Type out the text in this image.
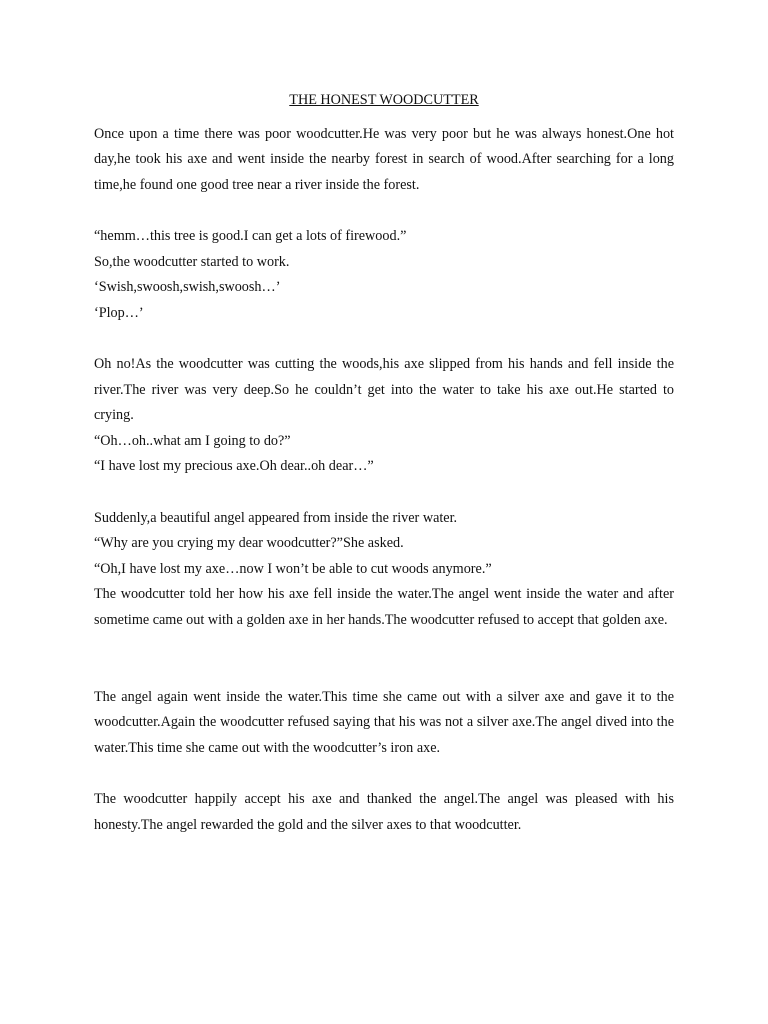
THE HONEST WOODCUTTER

Once upon a time there was poor woodcutter.He was very poor but he was always honest.One hot day,he took his axe and went inside the nearby forest in search of wood.After searching for a long time,he found one good tree near a river inside the forest.

“hemm…this tree is good.I can get a lots of firewood.”

So,the woodcutter started to work.

‘Swish,swoosh,swish,swoosh…’

‘Plop…’

Oh no!As the woodcutter was cutting the woods,his axe slipped from his hands and fell inside the river.The river was very deep.So he couldn’t get into the water to take his axe out.He started to crying.

“Oh…oh..what am I going to do?”

“I have lost my precious axe.Oh dear..oh dear…”

Suddenly,a beautiful angel appeared from inside the river water.

“Why are you crying my dear woodcutter?”She asked.

“Oh,I have lost my axe…now I won’t be able to cut woods anymore.”

The woodcutter told her how his axe fell inside the water.The angel went inside the water and after sometime came out with a golden axe in her hands.The woodcutter refused to accept that golden axe.

The angel again went inside the water.This time she came out with a silver axe and gave it to the woodcutter.Again the woodcutter refused saying that his was not a silver axe.The angel dived into the water.This time she came out with the woodcutter’s iron axe.

The woodcutter happily accept his axe and thanked the angel.The angel was pleased with his honesty.The angel rewarded the gold and the silver axes to that woodcutter.
